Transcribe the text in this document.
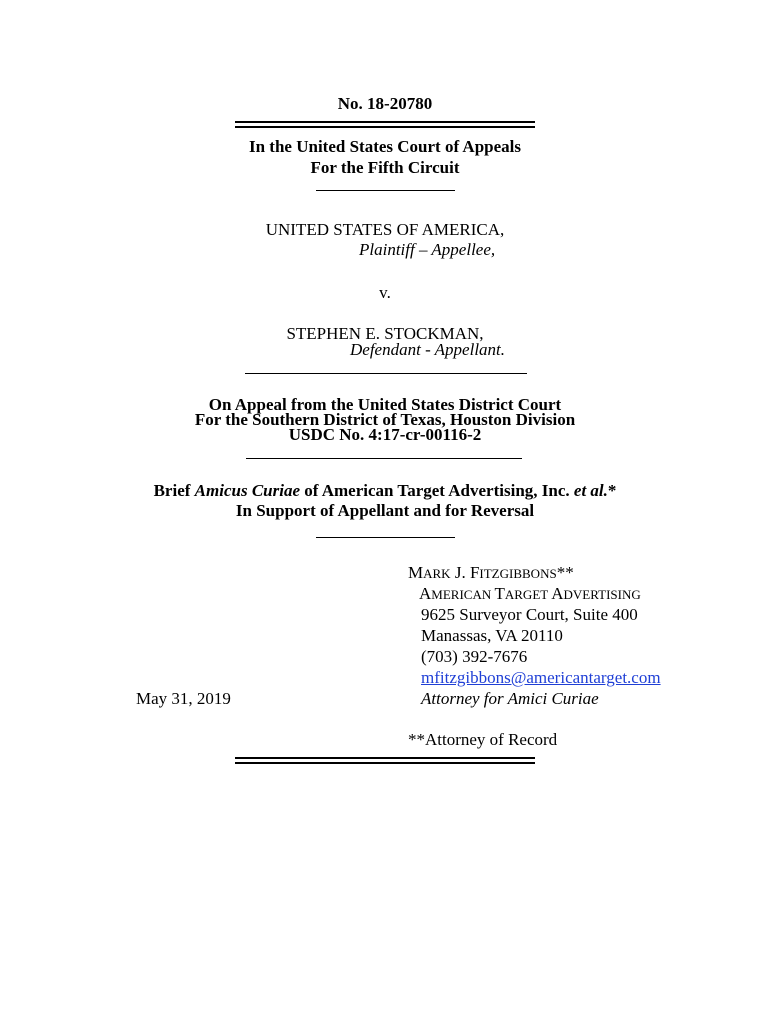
No. 18-20780
In the United States Court of Appeals
For the Fifth Circuit
UNITED STATES OF AMERICA,
Plaintiff – Appellee,
v.
STEPHEN E. STOCKMAN,
Defendant - Appellant.
On Appeal from the United States District Court
For the Southern District of Texas, Houston Division
USDC No. 4:17-cr-00116-2
Brief Amicus Curiae of American Target Advertising, Inc. et al.*
In Support of Appellant and for Reversal
MARK J. FITZGIBBONS**
AMERICAN TARGET ADVERTISING
9625 Surveyor Court, Suite 400
Manassas, VA 20110
(703) 392-7676
mfitzgibbons@americantarget.com
Attorney for Amici Curiae
May 31, 2019
**Attorney of Record
